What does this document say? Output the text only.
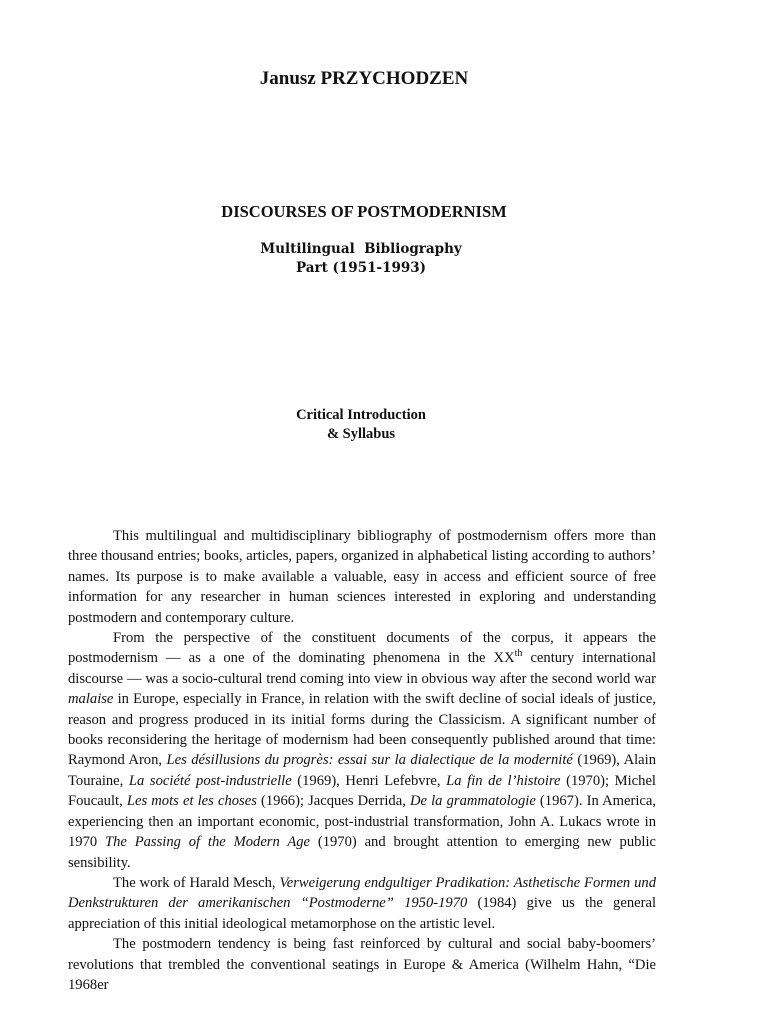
Janusz PRZYCHODZEN
DISCOURSES OF POSTMODERNISM
Multilingual  Bibliography
Part (1951-1993)
Critical Introduction
& Syllabus

This multilingual and multidisciplinary bibliography of postmodernism offers more than three thousand entries; books, articles, papers, organized in alphabetical listing according to authors’ names. Its purpose is to make available a valuable, easy in access and efficient source of free information for any researcher in human sciences interested in exploring and understanding postmodern and contemporary culture.

From the perspective of the constituent documents of the corpus, it appears the postmodernism — as a one of the dominating phenomena in the XXth century international discourse — was a socio-cultural trend coming into view in obvious way after the second world war malaise in Europe, especially in France, in relation with the swift decline of social ideals of justice, reason and progress produced in its initial forms during the Classicism. A significant number of books reconsidering the heritage of modernism had been consequently published around that time: Raymond Aron, Les désillusions du progrès: essai sur la dialectique de la modernité (1969), Alain Touraine, La société post-industrielle (1969), Henri Lefebvre, La fin de l’histoire (1970); Michel Foucault, Les mots et les choses (1966); Jacques Derrida, De la grammatologie (1967). In America, experiencing then an important economic, post-industrial transformation, John A. Lukacs wrote in 1970 The Passing of the Modern Age (1970) and brought attention to emerging new public sensibility.

The work of Harald Mesch, Verweigerung endgultiger Pradikation: Asthetische Formen und Denkstrukturen der amerikanischen “Postmoderne” 1950-1970 (1984) give us the general appreciation of this initial ideological metamorphose on the artistic level.

The postmodern tendency is being fast reinforced by cultural and social baby-boomers’ revolutions that trembled the conventional seatings in Europe & America (Wilhelm Hahn, “Die 1968er
